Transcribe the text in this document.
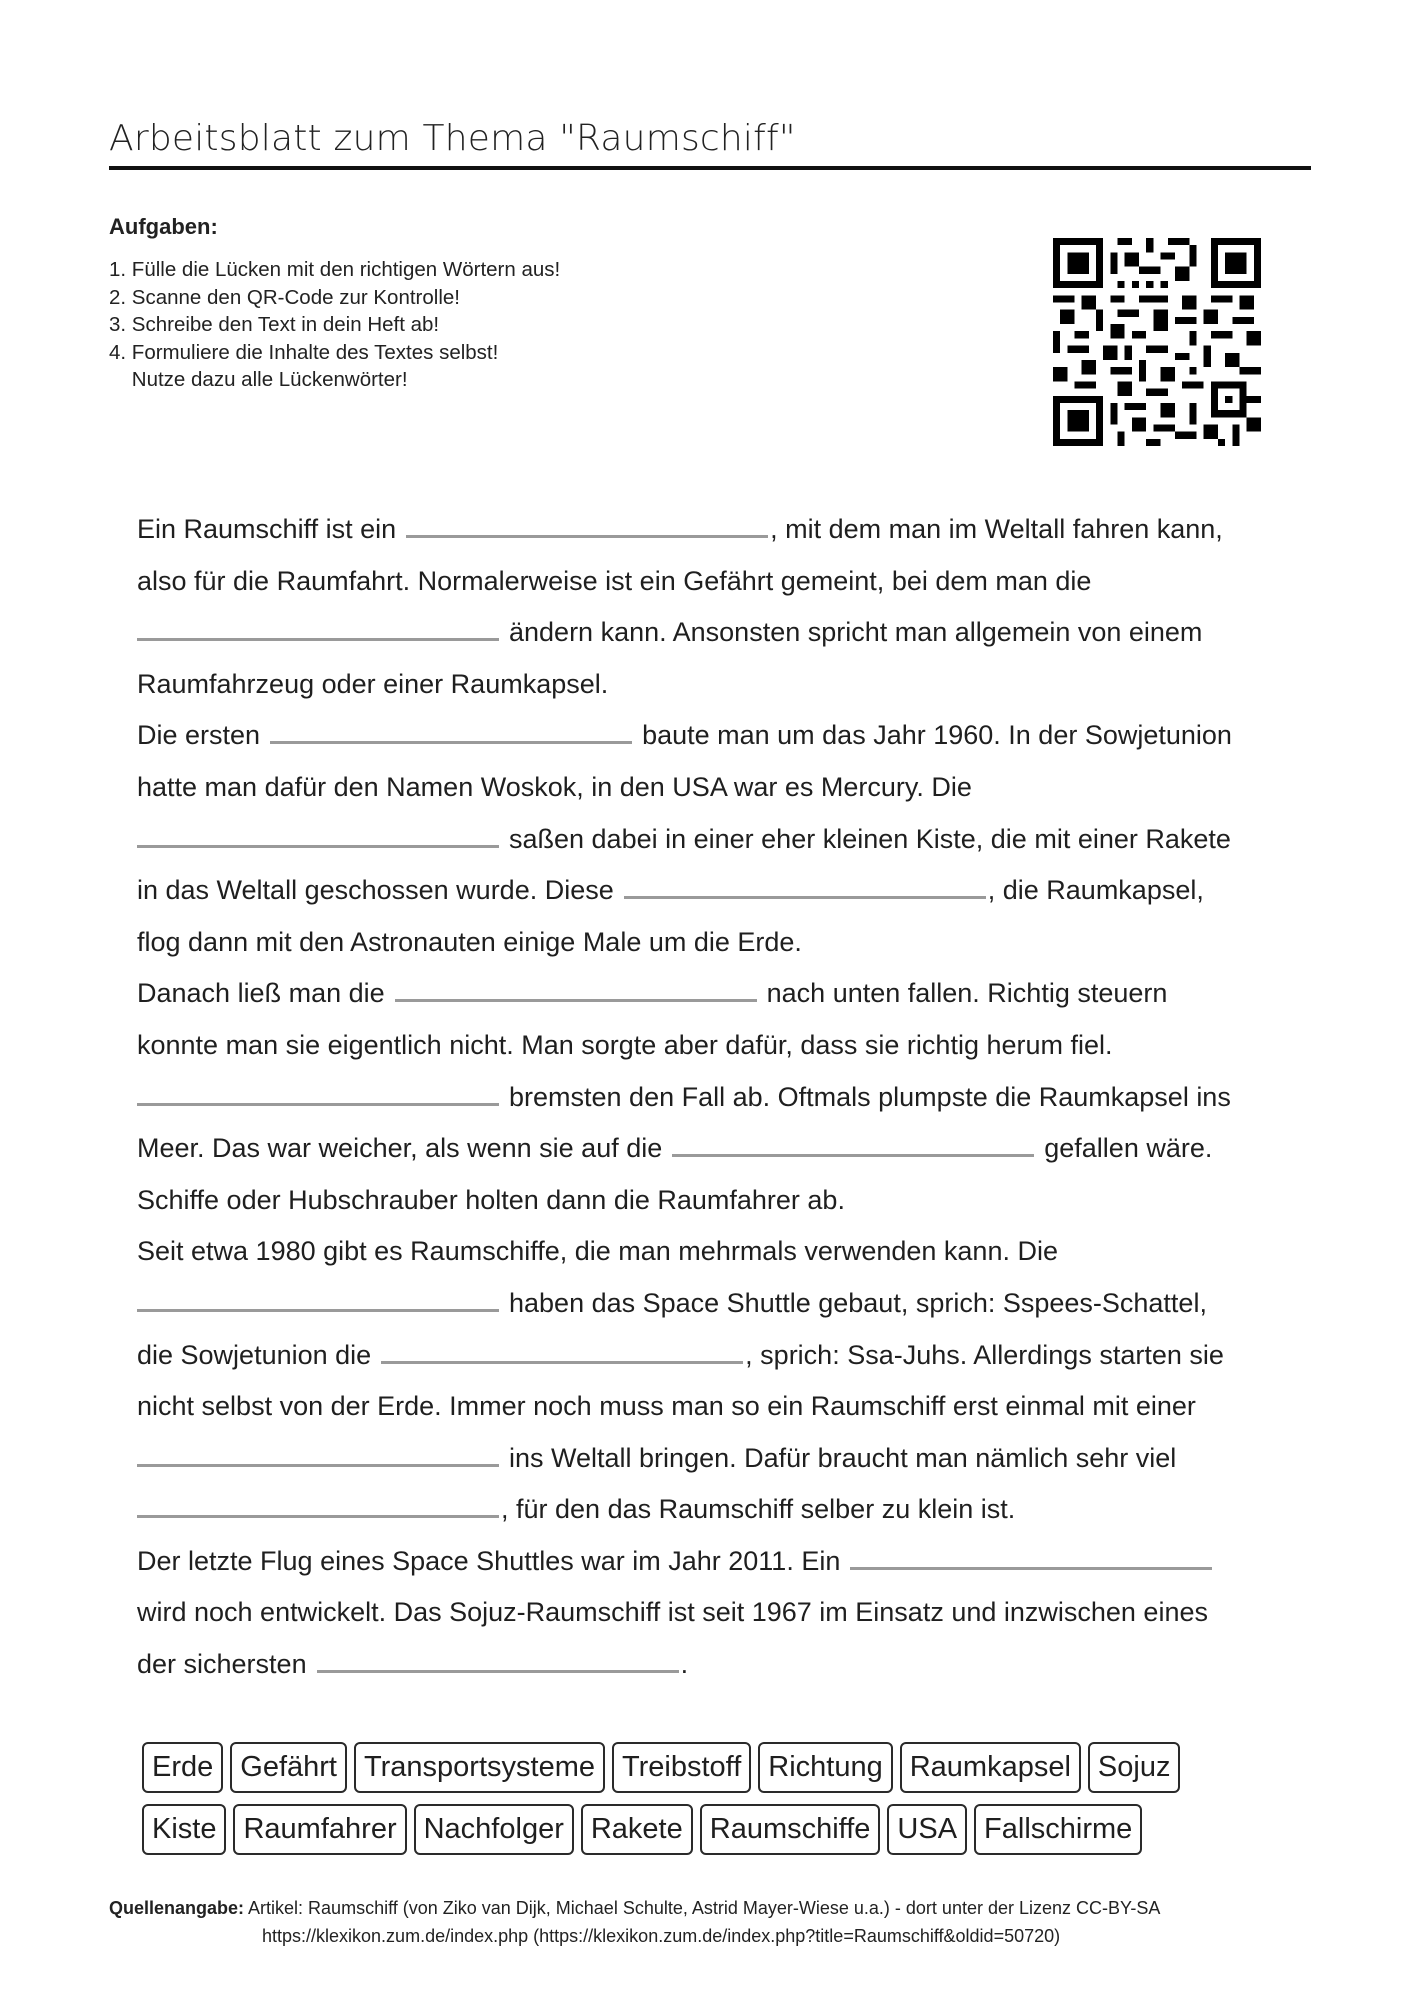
Arbeitsblatt zum Thema "Raumschiff"
Aufgaben:
1. Fülle die Lücken mit den richtigen Wörtern aus!
2. Scanne den QR-Code zur Kontrolle!
3. Schreibe den Text in dein Heft ab!
4. Formuliere die Inhalte des Textes selbst!
Nutze dazu alle Lückenwörter!
Ein Raumschiff ist ein	, mit dem man im Weltall fahren kann,
also für die Raumfahrt. Normalerweise ist ein Gefährt gemeint, bei dem man die
ändern kann. Ansonsten spricht man allgemein von einem
Raumfahrzeug oder einer Raumkapsel.
Die ersten	baute man um das Jahr 1960. In der Sowjetunion
hatte man dafür den Namen Woskok, in den USA war es Mercury. Die
saßen dabei in einer eher kleinen Kiste, die mit einer Rakete
in das Weltall geschossen wurde. Diese	, die Raumkapsel,
flog dann mit den Astronauten einige Male um die Erde.
Danach ließ man die	nach unten fallen. Richtig steuern
konnte man sie eigentlich nicht. Man sorgte aber dafür, dass sie richtig herum fiel.
bremsten den Fall ab. Oftmals plumpste die Raumkapsel ins
Meer. Das war weicher, als wenn sie auf die	gefallen wäre.
Schiffe oder Hubschrauber holten dann die Raumfahrer ab.
Seit etwa 1980 gibt es Raumschiffe, die man mehrmals verwenden kann. Die
haben das Space Shuttle gebaut, sprich: Sspees-Schattel,
die Sowjetunion die	, sprich: Ssa-Juhs. Allerdings starten sie
nicht selbst von der Erde. Immer noch muss man so ein Raumschiff erst einmal mit einer
ins Weltall bringen. Dafür braucht man nämlich sehr viel
, für den das Raumschiff selber zu klein ist.
Der letzte Flug eines Space Shuttles war im Jahr 2011. Ein
wird noch entwickelt. Das Sojuz-Raumschiff ist seit 1967 im Einsatz und inzwischen eines
der sichersten	.
Erde Gefährt Transportsysteme Treibstoff Richtung Raumkapsel Sojuz
Kiste Raumfahrer Nachfolger Rakete Raumschiffe USA Fallschirme
Quellenangabe: Artikel: Raumschiff (von Ziko van Dijk, Michael Schulte, Astrid Mayer-Wiese u.a.) - dort unter der Lizenz CC-BY-SA
https://klexikon.zum.de/index.php (https://klexikon.zum.de/index.php?title=Raumschiff&oldid=50720)
